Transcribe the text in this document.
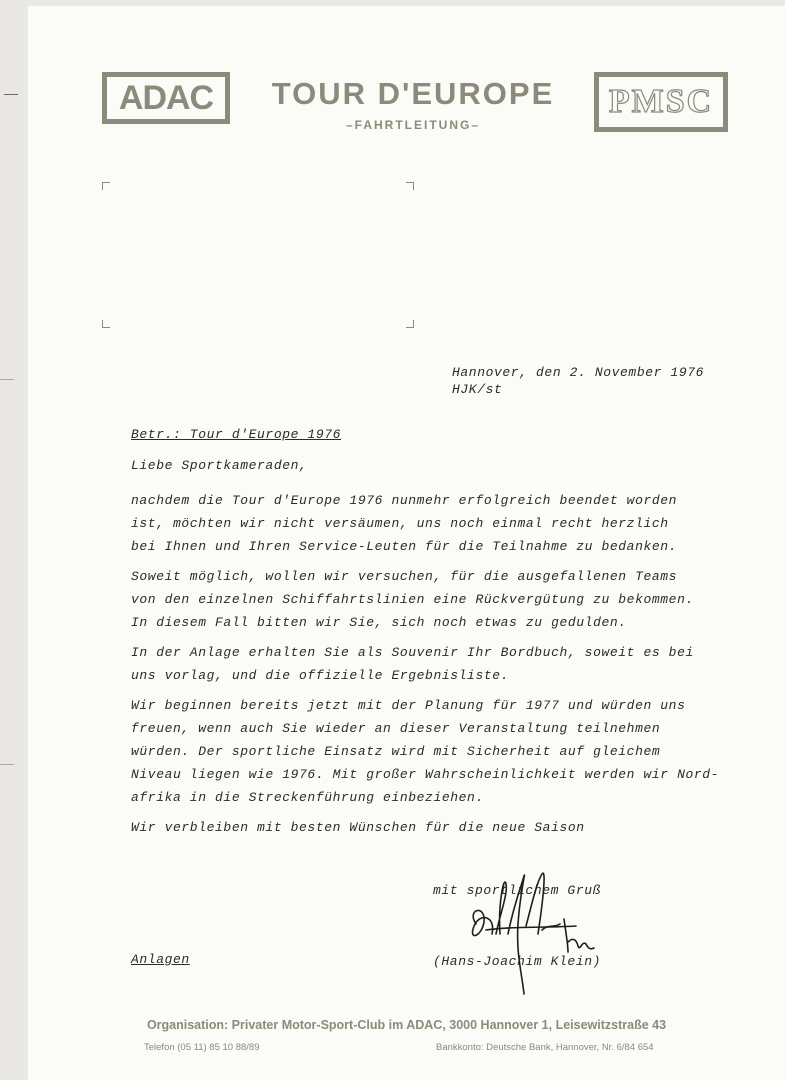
ADAC	TOUR D'EUROPE
–FAHRTLEITUNG–
PMSC
Hannover, den 2. November 1976
HJK/st
Betr.: Tour d'Europe 1976
Liebe Sportkameraden,
nachdem die Tour d'Europe 1976 nunmehr erfolgreich beendet worden
ist, möchten wir nicht versäumen, uns noch einmal recht herzlich
bei Ihnen und Ihren Service-Leuten für die Teilnahme zu bedanken.
Soweit möglich, wollen wir versuchen, für die ausgefallenen Teams
von den einzelnen Schiffahrtslinien eine Rückvergütung zu bekommen.
In diesem Fall bitten wir Sie, sich noch etwas zu gedulden.
In der Anlage erhalten Sie als Souvenir Ihr Bordbuch, soweit es bei
uns vorlag, und die offizielle Ergebnisliste.
Wir beginnen bereits jetzt mit der Planung für 1977 und würden uns
freuen, wenn auch Sie wieder an dieser Veranstaltung teilnehmen
würden. Der sportliche Einsatz wird mit Sicherheit auf gleichem
Niveau liegen wie 1976. Mit großer Wahrscheinlichkeit werden wir Nord-
afrika in die Streckenführung einbeziehen.
Wir verbleiben mit besten Wünschen für die neue Saison
mit sportlichem Gruß
(Hans-Joachim Klein)
Anlagen
Organisation: Privater Motor-Sport-Club im ADAC, 3000 Hannover 1, Leisewitzstraße 43
Telefon (05 11) 85 10 88/89	Bankkonto: Deutsche Bank, Hannover, Nr. 6/84 654
